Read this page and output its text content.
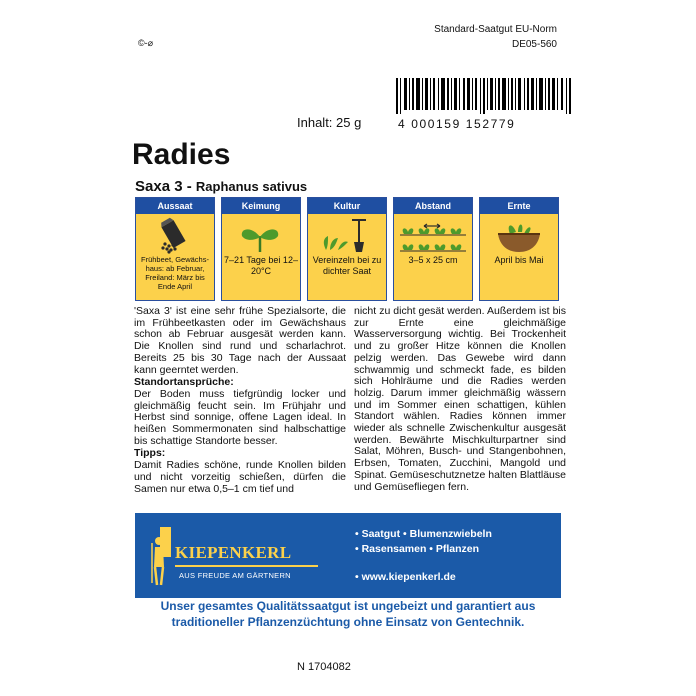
Standard-Saatgut EU-Norm
DE05-560
©-⌀
4 000159 152779
Inhalt: 25 g
Radies
Saxa 3 - Raphanus sativus
Aussaat
Frühbeet, Gewächs-haus: ab Februar, Freiland: März bis Ende April
Keimung
7–21 Tage bei 12–20°C
Kultur
Vereinzeln bei zu dichter Saat
Abstand
3–5 x 25 cm
Ernte
April bis Mai

'Saxa 3' ist eine sehr frühe Spezialsorte, die im Frühbeetkasten oder im Gewächshaus schon ab Februar ausgesät werden kann. Die Knollen sind rund und scharlachrot. Bereits 25 bis 30 Tage nach der Aussaat kann geerntet werden.

Standortansprüche:

Der Boden muss tiefgründig locker und gleichmäßig feucht sein. Im Frühjahr und Herbst sind sonnige, offene Lagen ideal. In heißen Sommermonaten sind halbschattige bis schattige Standorte besser.

Tipps:

Damit Radies schöne, runde Knollen bilden und nicht vorzeitig schießen, dürfen die Samen nur etwa 0,5–1 cm tief und

nicht zu dicht gesät werden. Außerdem ist bis zur Ernte eine gleichmäßige Wasserversorgung wichtig. Bei Trockenheit und zu großer Hitze können die Knollen pelzig werden. Das Gewebe wird dann schwammig und schmeckt fade, es bilden sich Hohlräume und die Radies werden holzig. Darum immer gleichmäßig wässern und im Sommer einen schattigen, kühlen Standort wählen. Radies können immer wieder als schnelle Zwischenkultur ausgesät werden. Bewährte Mischkulturpartner sind Salat, Möhren, Busch- und Stangenbohnen, Erbsen, Tomaten, Zucchini, Mangold und Spinat. Gemüseschutznetze halten Blattläuse und Gemüsefliegen fern.

KIEPENKERL
AUS FREUDE AM GÄRTNERN
• Saatgut • Blumenzwiebeln
• Rasensamen • Pflanzen
• www.kiepenkerl.de
Unser gesamtes Qualitätssaatgut ist ungebeizt und garantiert aus
traditioneller Pflanzenzüchtung ohne Einsatz von Gentechnik.
N 1704082
